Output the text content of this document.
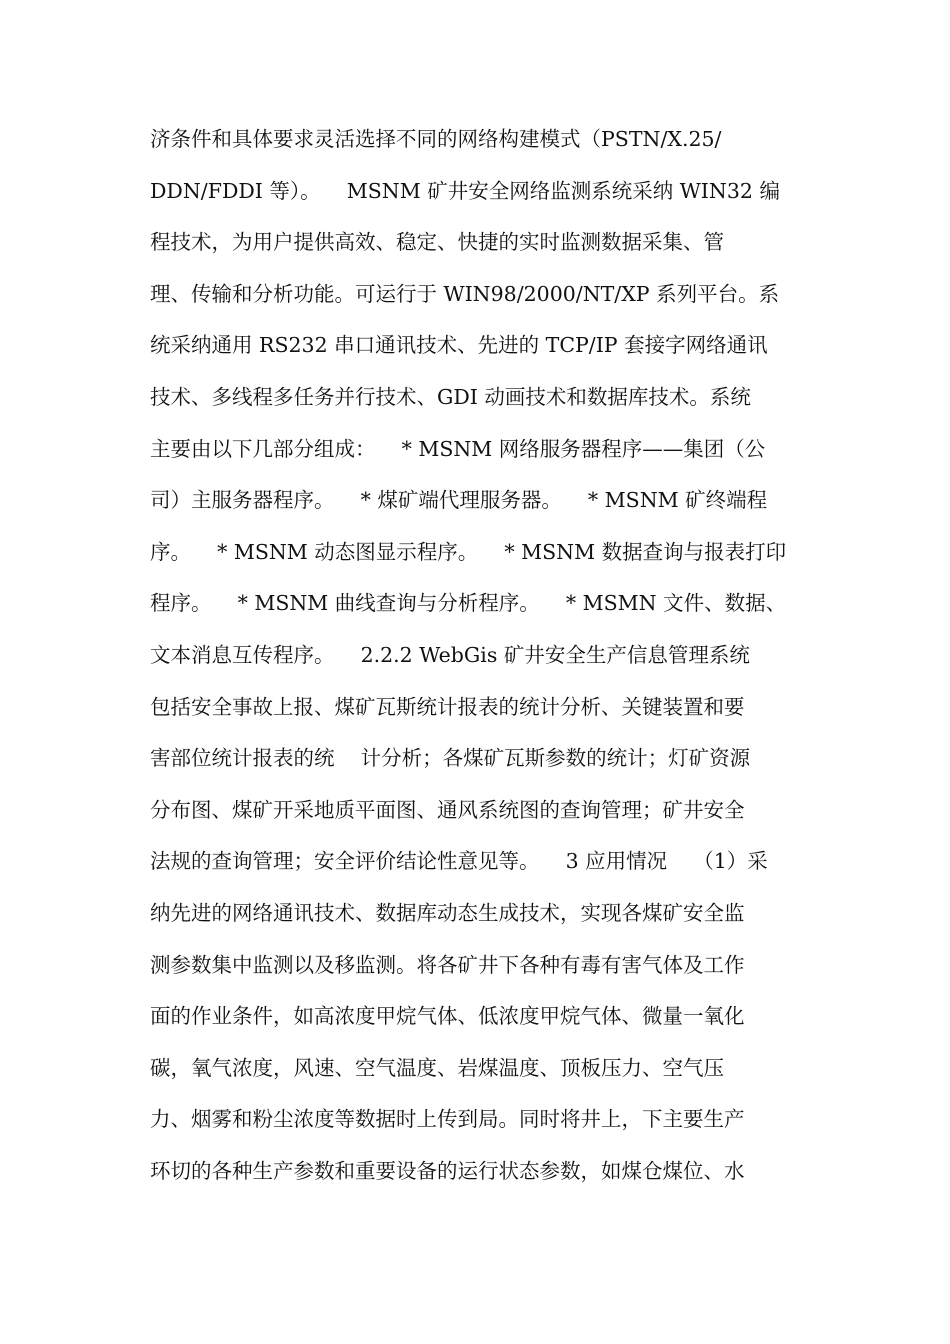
济条件和具体要求灵活选择不同的网络构建模式（PSTN/X.25/
DDN/FDDI 等）。    MSNM 矿井安全网络监测系统采纳 WIN32 编
程技术，为用户提供高效、稳定、快捷的实时监测数据采集、管
理、传输和分析功能。可运行于 WIN98/2000/NT/XP 系列平台。系
统采纳通用 RS232 串口通讯技术、先进的 TCP/IP 套接字网络通讯
技术、多线程多任务并行技术、GDI 动画技术和数据库技术。系统
主要由以下几部分组成：    * MSNM 网络服务器程序——集团（公
司）主服务器程序。    * 煤矿端代理服务器。    * MSNM 矿终端程
序。    * MSNM 动态图显示程序。    * MSNM 数据查询与报表打印
程序。    * MSNM 曲线查询与分析程序。    * MSMN 文件、数据、
文本消息互传程序。    2.2.2 WebGis 矿井安全生产信息管理系统
包括安全事故上报、煤矿瓦斯统计报表的统计分析、关键装置和要
害部位统计报表的统    计分析；各煤矿瓦斯参数的统计；灯矿资源
分布图、煤矿开采地质平面图、通风系统图的查询管理；矿井安全
法规的查询管理；安全评价结论性意见等。    3 应用情况    （1）采
纳先进的网络通讯技术、数据库动态生成技术，实现各煤矿安全监
测参数集中监测以及移监测。将各矿井下各种有毒有害气体及工作
面的作业条件，如高浓度甲烷气体、低浓度甲烷气体、微量一氧化
碳，氧气浓度，风速、空气温度、岩煤温度、顶板压力、空气压
力、烟雾和粉尘浓度等数据时上传到局。同时将井上，下主要生产
环切的各种生产参数和重要设备的运行状态参数，如煤仓煤位、水
